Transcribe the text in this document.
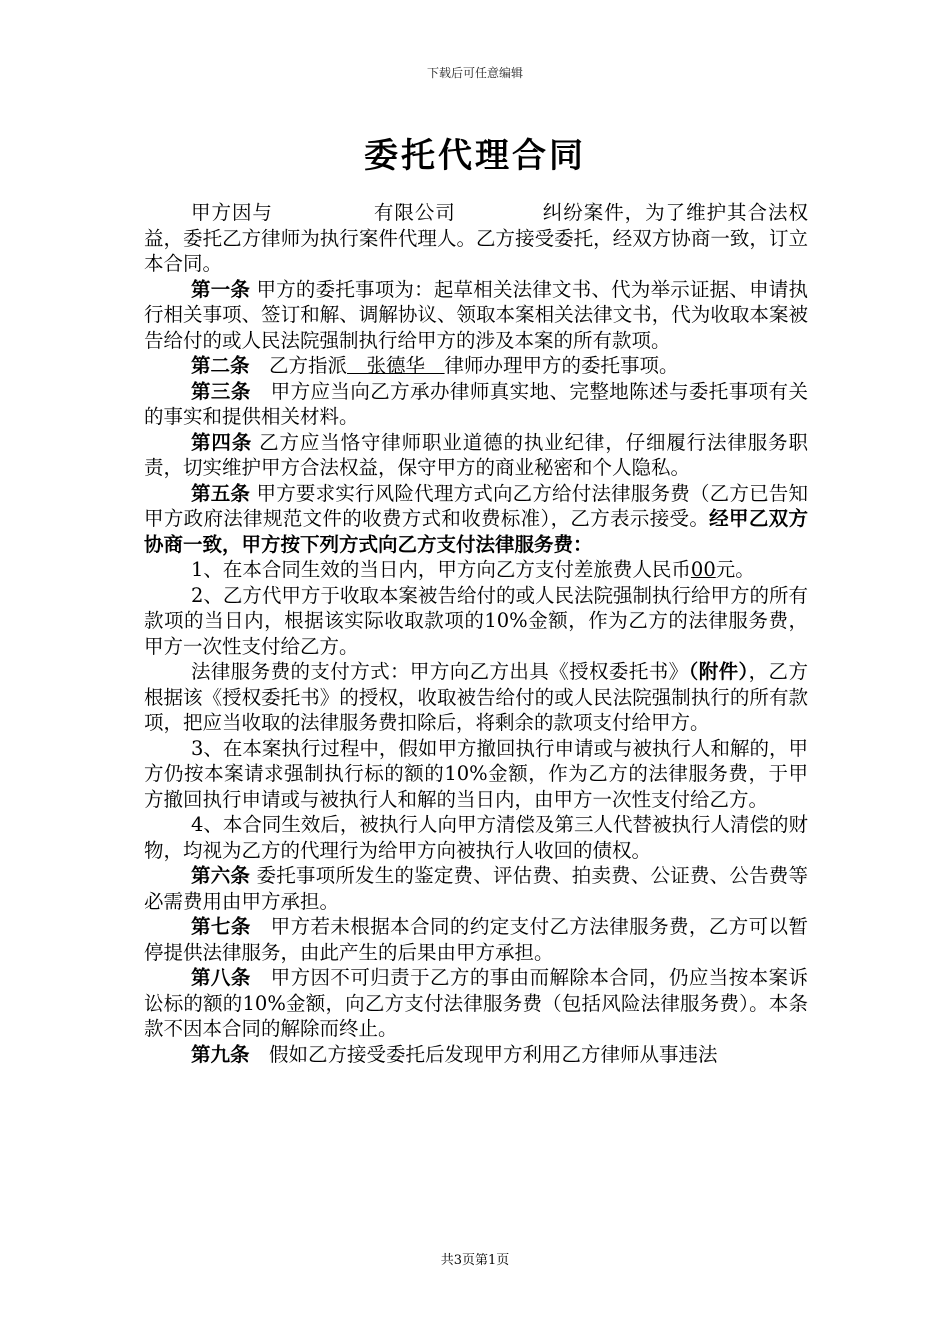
下载后可任意编辑
委托代理合同

甲方因与	有限公司	纠纷案件，为了维护其合法权益，委托乙方律师为执行案件代理人。乙方接受委托，经双方协商一致，订立本合同。

第一条 甲方的委托事项为：起草相关法律文书、代为举示证据、申请执行相关事项、签订和解、调解协议、领取本案相关法律文书，代为收取本案被告给付的或人民法院强制执行给甲方的涉及本案的所有款项。

第二条　乙方指派　张德华　律师办理甲方的委托事项。

第三条　甲方应当向乙方承办律师真实地、完整地陈述与委托事项有关的事实和提供相关材料。

第四条 乙方应当恪守律师职业道德的执业纪律，仔细履行法律服务职责，切实维护甲方合法权益，保守甲方的商业秘密和个人隐私。

第五条 甲方要求实行风险代理方式向乙方给付法律服务费（乙方已告知甲方政府法律规范文件的收费方式和收费标准），乙方表示接受。经甲乙双方协商一致，甲方按下列方式向乙方支付法律服务费：

1、在本合同生效的当日内，甲方向乙方支付差旅费人民币00元。

2、乙方代甲方于收取本案被告给付的或人民法院强制执行给甲方的所有款项的当日内，根据该实际收取款项的10%金额，作为乙方的法律服务费，甲方一次性支付给乙方。

法律服务费的支付方式：甲方向乙方出具《授权委托书》（附件），乙方根据该《授权委托书》的授权，收取被告给付的或人民法院强制执行的所有款项，把应当收取的法律服务费扣除后，将剩余的款项支付给甲方。

3、在本案执行过程中，假如甲方撤回执行申请或与被执行人和解的，甲方仍按本案请求强制执行标的额的10%金额，作为乙方的法律服务费，于甲方撤回执行申请或与被执行人和解的当日内，由甲方一次性支付给乙方。

4、本合同生效后，被执行人向甲方清偿及第三人代替被执行人清偿的财物，均视为乙方的代理行为给甲方向被执行人收回的债权。

第六条 委托事项所发生的鉴定费、评估费、拍卖费、公证费、公告费等必需费用由甲方承担。

第七条　甲方若未根据本合同的约定支付乙方法律服务费，乙方可以暂停提供法律服务，由此产生的后果由甲方承担。

第八条　甲方因不可归责于乙方的事由而解除本合同，仍应当按本案诉讼标的额的10%金额，向乙方支付法律服务费（包括风险法律服务费）。本条款不因本合同的解除而终止。

第九条　假如乙方接受委托后发现甲方利用乙方律师从事违法

共3页第1页
